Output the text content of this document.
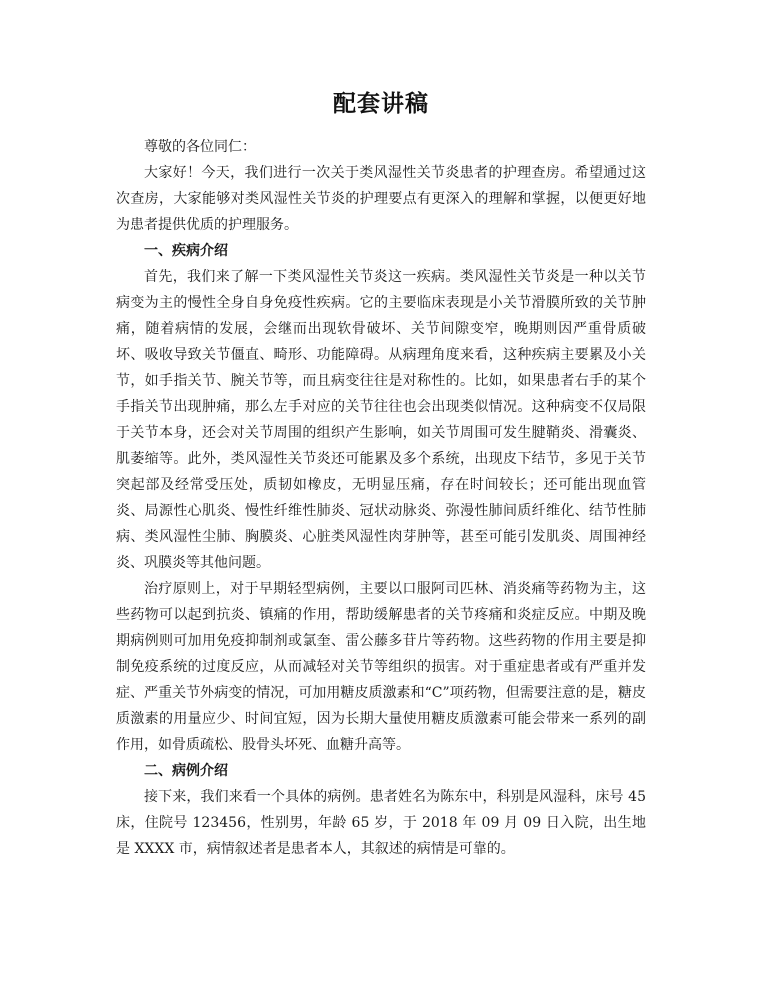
配套讲稿

尊敬的各位同仁：

大家好！今天，我们进行一次关于类风湿性关节炎患者的护理查房。希望通过这次查房，大家能够对类风湿性关节炎的护理要点有更深入的理解和掌握，以便更好地为患者提供优质的护理服务。

一、疾病介绍

首先，我们来了解一下类风湿性关节炎这一疾病。类风湿性关节炎是一种以关节病变为主的慢性全身自身免疫性疾病。它的主要临床表现是小关节滑膜所致的关节肿痛，随着病情的发展，会继而出现软骨破坏、关节间隙变窄，晚期则因严重骨质破坏、吸收导致关节僵直、畸形、功能障碍。从病理角度来看，这种疾病主要累及小关节，如手指关节、腕关节等，而且病变往往是对称性的。比如，如果患者右手的某个手指关节出现肿痛，那么左手对应的关节往往也会出现类似情况。这种病变不仅局限于关节本身，还会对关节周围的组织产生影响，如关节周围可发生腱鞘炎、滑囊炎、肌萎缩等。此外，类风湿性关节炎还可能累及多个系统，出现皮下结节，多见于关节突起部及经常受压处，质韧如橡皮，无明显压痛，存在时间较长；还可能出现血管炎、局源性心肌炎、慢性纤维性肺炎、冠状动脉炎、弥漫性肺间质纤维化、结节性肺病、类风湿性尘肺、胸膜炎、心脏类风湿性肉芽肿等，甚至可能引发肌炎、周围神经炎、巩膜炎等其他问题。

治疗原则上，对于早期轻型病例，主要以口服阿司匹林、消炎痛等药物为主，这些药物可以起到抗炎、镇痛的作用，帮助缓解患者的关节疼痛和炎症反应。中期及晚期病例则可加用免疫抑制剂或氯奎、雷公藤多苷片等药物。这些药物的作用主要是抑制免疫系统的过度反应，从而减轻对关节等组织的损害。对于重症患者或有严重并发症、严重关节外病变的情况，可加用糖皮质激素和“C”项药物，但需要注意的是，糖皮质激素的用量应少、时间宜短，因为长期大量使用糖皮质激素可能会带来一系列的副作用，如骨质疏松、股骨头坏死、血糖升高等。

二、病例介绍

接下来，我们来看一个具体的病例。患者姓名为陈东中，科别是风湿科，床号 45 床，住院号 123456，性别男，年龄 65 岁，于 2018 年 09 月 09 日入院，出生地是 XXXX 市，病情叙述者是患者本人，其叙述的病情是可靠的。
